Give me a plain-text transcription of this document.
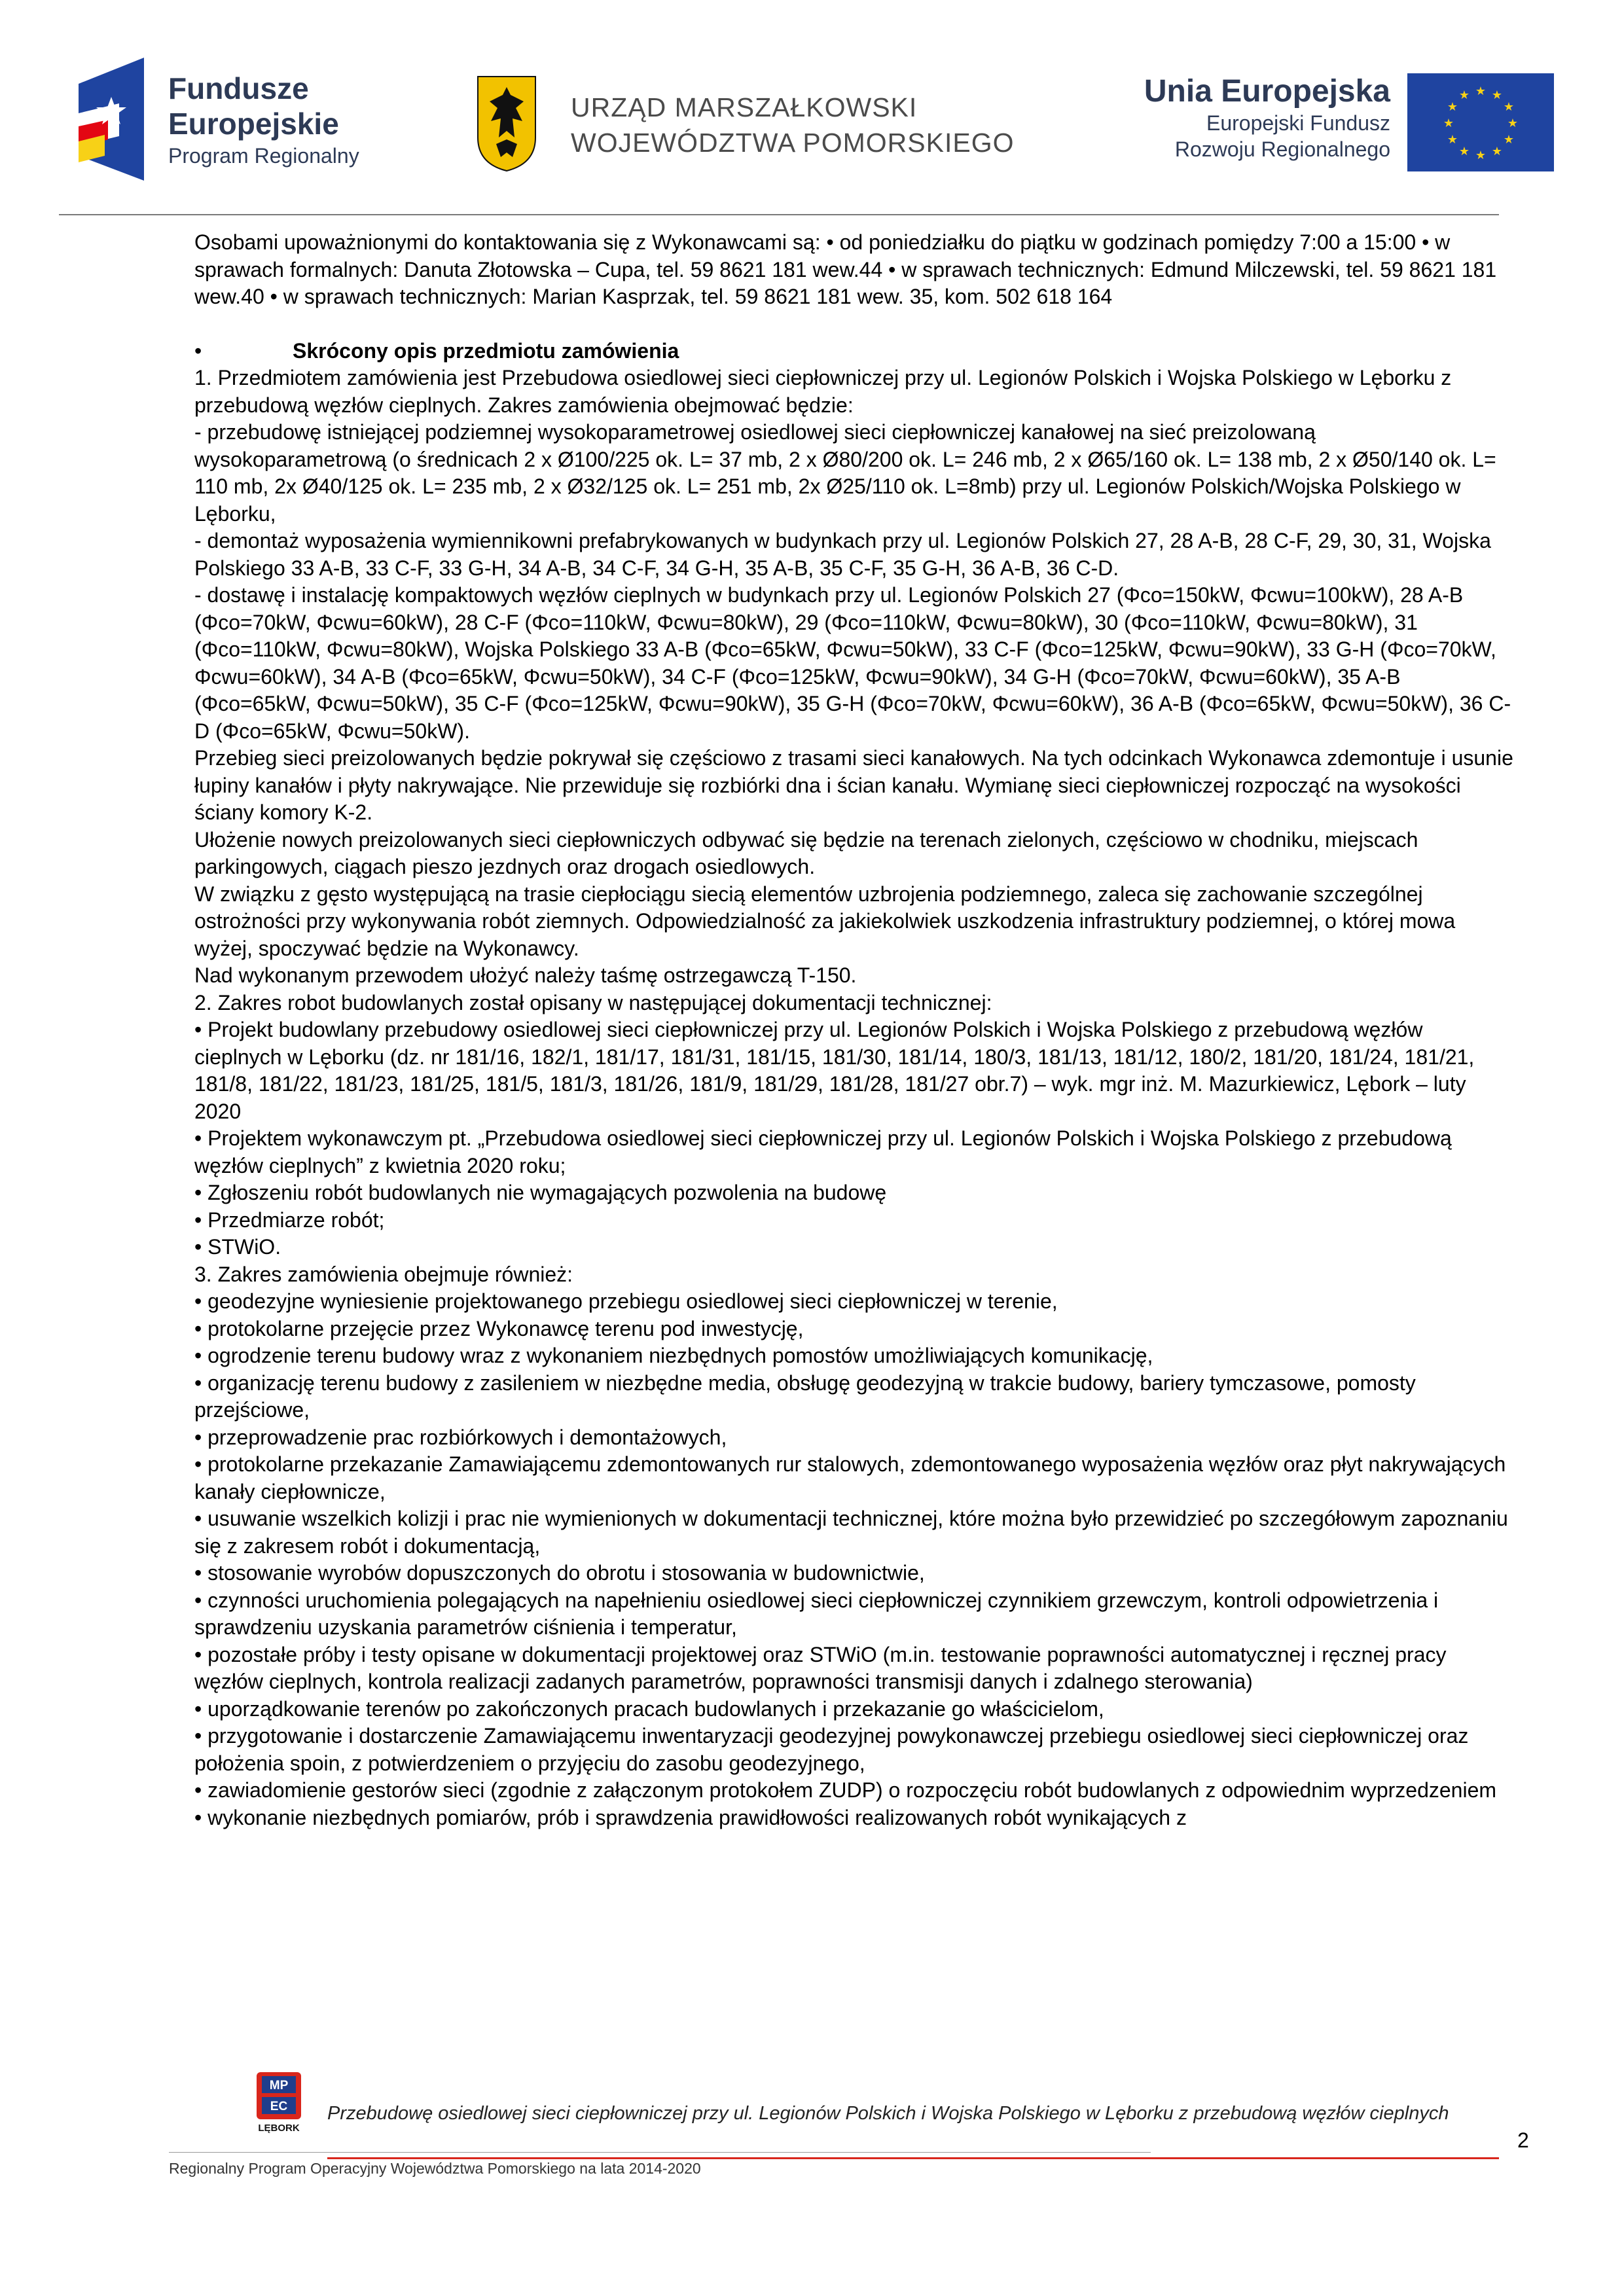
Fundusze
Europejskie
Program Regionalny
URZĄD MARSZAŁKOWSKI
WOJEWÓDZTWA POMORSKIEGO
Unia Europejska
Europejski Fundusz
Rozwoju Regionalnego
★ ★
★
★
★
★
★
★
★
★
★
★

Osobami upoważnionymi do kontaktowania się z Wykonawcami są: • od poniedziałku do piątku w godzinach pomiędzy 7:00 a 15:00 • w sprawach formalnych: Danuta Złotowska – Cupa, tel. 59 8621 181 wew.44 • w sprawach technicznych: Edmund Milczewski, tel. 59 8621 181 wew.40 • w sprawach technicznych: Marian Kasprzak, tel. 59 8621 181 wew. 35, kom. 502 618 164

•	Skrócony opis przedmiotu zamówienia

1. Przedmiotem zamówienia jest Przebudowa osiedlowej sieci ciepłowniczej przy ul. Legionów Polskich i Wojska Polskiego w Lęborku z przebudową węzłów cieplnych. Zakres zamówienia obejmować będzie:

- przebudowę istniejącej podziemnej wysokoparametrowej osiedlowej sieci ciepłowniczej kanałowej na sieć preizolowaną wysokoparametrową (o średnicach 2 x Ø100/225 ok. L= 37 mb, 2 x Ø80/200 ok. L= 246 mb, 2 x Ø65/160 ok. L= 138 mb, 2 x Ø50/140 ok. L= 110 mb, 2x Ø40/125 ok. L= 235 mb, 2 x Ø32/125 ok. L= 251 mb, 2x Ø25/110 ok. L=8mb) przy ul. Legionów Polskich/Wojska Polskiego w Lęborku,

- demontaż wyposażenia wymiennikowni prefabrykowanych w budynkach przy ul. Legionów Polskich 27, 28 A-B, 28 C-F, 29, 30, 31, Wojska Polskiego 33 A-B, 33 C-F, 33 G-H, 34 A-B, 34 C-F, 34 G-H, 35 A-B, 35 C-F, 35 G-H, 36 A-B, 36 C-D.

- dostawę i instalację kompaktowych węzłów cieplnych w budynkach przy ul. Legionów Polskich 27 (Φco=150kW, Φcwu=100kW), 28 A-B (Φco=70kW, Φcwu=60kW), 28 C-F (Φco=110kW, Φcwu=80kW), 29 (Φco=110kW, Φcwu=80kW), 30 (Φco=110kW, Φcwu=80kW), 31 (Φco=110kW, Φcwu=80kW), Wojska Polskiego 33 A-B (Φco=65kW, Φcwu=50kW), 33 C-F (Φco=125kW, Φcwu=90kW), 33 G-H (Φco=70kW, Φcwu=60kW), 34 A-B (Φco=65kW, Φcwu=50kW), 34 C-F (Φco=125kW, Φcwu=90kW), 34 G-H (Φco=70kW, Φcwu=60kW), 35 A-B (Φco=65kW, Φcwu=50kW), 35 C-F (Φco=125kW, Φcwu=90kW), 35 G-H (Φco=70kW, Φcwu=60kW), 36 A-B (Φco=65kW, Φcwu=50kW), 36 C-D (Φco=65kW, Φcwu=50kW).

Przebieg sieci preizolowanych będzie pokrywał się częściowo z trasami sieci kanałowych. Na tych odcinkach Wykonawca zdemontuje i usunie łupiny kanałów i płyty nakrywające. Nie przewiduje się rozbiórki dna i ścian kanału. Wymianę sieci ciepłowniczej rozpocząć na wysokości ściany komory K-2.

Ułożenie nowych preizolowanych sieci ciepłowniczych odbywać się będzie na terenach zielonych, częściowo w chodniku, miejscach parkingowych, ciągach pieszo jezdnych oraz drogach osiedlowych.

W związku z gęsto występującą na trasie ciepłociągu siecią elementów uzbrojenia podziemnego, zaleca się zachowanie szczególnej ostrożności przy wykonywania robót ziemnych. Odpowiedzialność za jakiekolwiek uszkodzenia infrastruktury podziemnej, o której mowa wyżej, spoczywać będzie na Wykonawcy.

Nad wykonanym przewodem ułożyć należy taśmę ostrzegawczą T-150.

2. Zakres robot budowlanych został opisany w następującej dokumentacji technicznej:

• Projekt budowlany przebudowy osiedlowej sieci ciepłowniczej przy ul. Legionów Polskich i Wojska Polskiego z przebudową węzłów cieplnych w Lęborku (dz. nr 181/16, 182/1, 181/17, 181/31, 181/15, 181/30, 181/14, 180/3, 181/13, 181/12, 180/2, 181/20, 181/24, 181/21, 181/8, 181/22, 181/23, 181/25, 181/5, 181/3, 181/26, 181/9, 181/29, 181/28, 181/27 obr.7) – wyk. mgr inż. M. Mazurkiewicz, Lębork – luty 2020

• Projektem wykonawczym pt. „Przebudowa osiedlowej sieci ciepłowniczej przy ul. Legionów Polskich i Wojska Polskiego z przebudową węzłów cieplnych” z kwietnia 2020 roku;

• Zgłoszeniu robót budowlanych nie wymagających pozwolenia na budowę

• Przedmiarze robót;

• STWiO.

3. Zakres zamówienia obejmuje również:

• geodezyjne wyniesienie projektowanego przebiegu osiedlowej sieci ciepłowniczej w terenie,

• protokolarne przejęcie przez Wykonawcę terenu pod inwestycję,

• ogrodzenie terenu budowy wraz z wykonaniem niezbędnych pomostów umożliwiających komunikację,

• organizację terenu budowy z zasileniem w niezbędne media, obsługę geodezyjną w trakcie budowy, bariery tymczasowe, pomosty przejściowe,

• przeprowadzenie prac rozbiórkowych i demontażowych,

• protokolarne przekazanie Zamawiającemu zdemontowanych rur stalowych, zdemontowanego wyposażenia węzłów oraz płyt nakrywających kanały ciepłownicze,

• usuwanie wszelkich kolizji i prac nie wymienionych w dokumentacji technicznej, które można było przewidzieć po szczegółowym zapoznaniu się z zakresem robót i dokumentacją,

• stosowanie wyrobów dopuszczonych do obrotu i stosowania w budownictwie,

• czynności uruchomienia polegających na napełnieniu osiedlowej sieci ciepłowniczej czynnikiem grzewczym, kontroli odpowietrzenia i sprawdzeniu uzyskania parametrów ciśnienia i temperatur,

• pozostałe próby i testy opisane w dokumentacji projektowej oraz STWiO (m.in. testowanie poprawności automatycznej i ręcznej pracy węzłów cieplnych, kontrola realizacji zadanych parametrów, poprawności transmisji danych i zdalnego sterowania)

• uporządkowanie terenów po zakończonych pracach budowlanych i przekazanie go właścicielom,

• przygotowanie i dostarczenie Zamawiającemu inwentaryzacji geodezyjnej powykonawczej przebiegu osiedlowej sieci ciepłowniczej oraz położenia spoin, z potwierdzeniem o przyjęciu do zasobu geodezyjnego,

• zawiadomienie gestorów sieci (zgodnie z załączonym protokołem ZUDP) o rozpoczęciu robót budowlanych z odpowiednim wyprzedzeniem

• wykonanie niezbędnych pomiarów, prób i sprawdzenia prawidłowości realizowanych robót wynikających z

MP
EC
LĘBORK
Przebudowę osiedlowej sieci ciepłowniczej przy ul. Legionów Polskich i Wojska Polskiego w Lęborku z przebudową węzłów cieplnych
Regionalny Program Operacyjny Województwa Pomorskiego na lata 2014-2020
2
